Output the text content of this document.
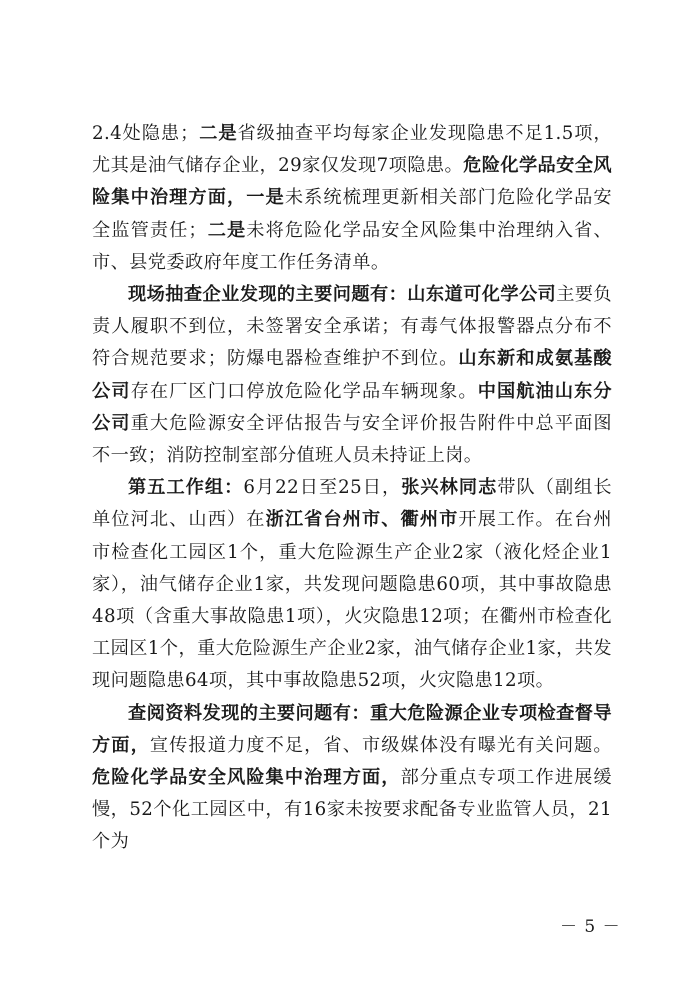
2.4处隐患；二是省级抽查平均每家企业发现隐患不足1.5项，尤其是油气储存企业，29家仅发现7项隐患。危险化学品安全风险集中治理方面，一是未系统梳理更新相关部门危险化学品安全监管责任；二是未将危险化学品安全风险集中治理纳入省、市、县党委政府年度工作任务清单。

现场抽查企业发现的主要问题有：山东道可化学公司主要负责人履职不到位，未签署安全承诺；有毒气体报警器点分布不符合规范要求；防爆电器检查维护不到位。山东新和成氨基酸公司存在厂区门口停放危险化学品车辆现象。中国航油山东分公司重大危险源安全评估报告与安全评价报告附件中总平面图不一致；消防控制室部分值班人员未持证上岗。

第五工作组：6月22日至25日，张兴林同志带队（副组长单位河北、山西）在浙江省台州市、衢州市开展工作。在台州市检查化工园区1个，重大危险源生产企业2家（液化烃企业1家），油气储存企业1家，共发现问题隐患60项，其中事故隐患48项（含重大事故隐患1项），火灾隐患12项；在衢州市检查化工园区1个，重大危险源生产企业2家，油气储存企业1家，共发现问题隐患64项，其中事故隐患52项，火灾隐患12项。

查阅资料发现的主要问题有：重大危险源企业专项检查督导方面，宣传报道力度不足，省、市级媒体没有曝光有关问题。危险化学品安全风险集中治理方面，部分重点专项工作进展缓慢，52个化工园区中，有16家未按要求配备专业监管人员，21个为

－ 5 －
